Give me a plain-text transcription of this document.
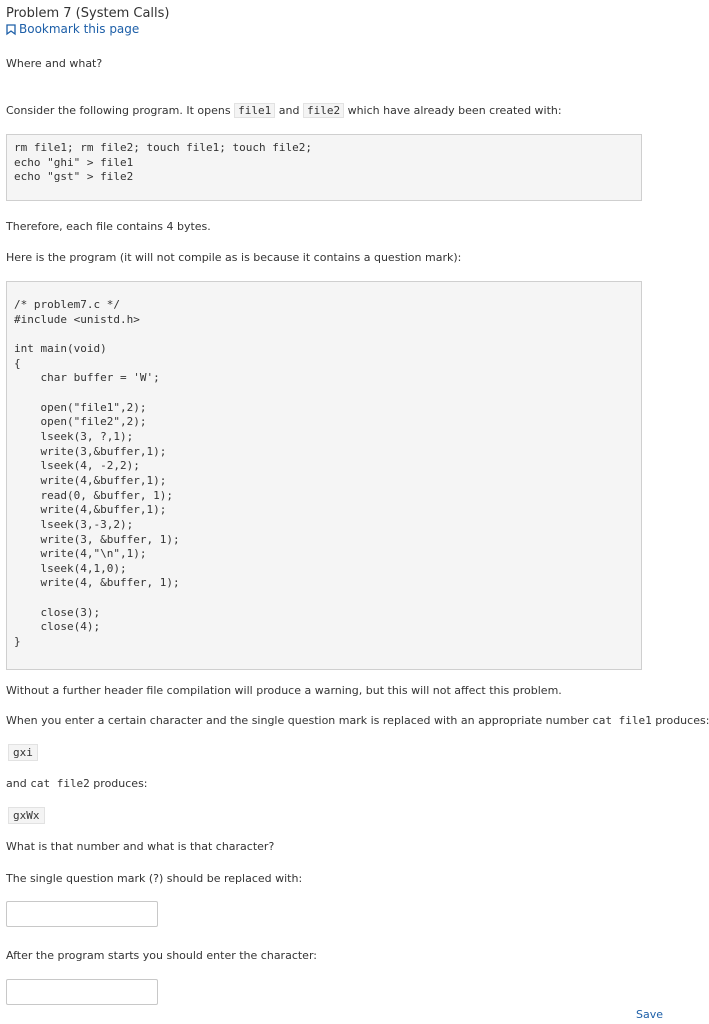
Problem 7 (System Calls)
Bookmark this page
Where and what?
Consider the following program. It opens file1 and file2 which have already been created with:
rm file1; rm file2; touch file1; touch file2;
echo "ghi" > file1
echo "gst" > file2
Therefore, each file contains 4 bytes.
Here is the program (it will not compile as is because it contains a question mark):
/* problem7.c */
#include <unistd.h>

int main(void)
{
char buffer = 'W';

open("file1",2);
open("file2",2);
lseek(3, ?,1);
write(3,&buffer,1);
lseek(4, -2,2);
write(4,&buffer,1);
read(0, &buffer, 1);
write(4,&buffer,1);
lseek(3,-3,2);
write(3, &buffer, 1);
write(4,"\n",1);
lseek(4,1,0);
write(4, &buffer, 1);

close(3);
close(4);
}
Without a further header file compilation will produce a warning, but this will not affect this problem.
When you enter a certain character and the single question mark is replaced with an appropriate number cat file1 produces:
gxi
and cat file2 produces:
gxWx
What is that number and what is that character?
The single question mark (?) should be replaced with:
After the program starts you should enter the character:
Save
